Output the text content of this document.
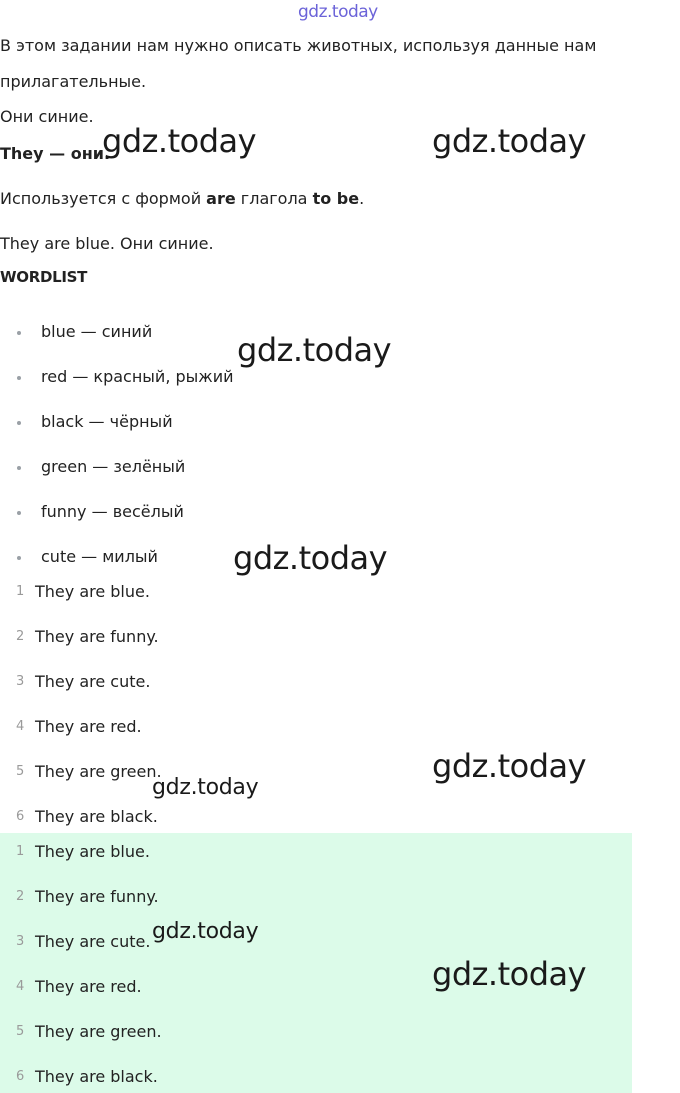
gdz.today
В этом задании нам нужно описать животных, используя данные нам
прилагательные.
Они синие.
They — они.
Используется с формой are глагола to be.
They are blue. Они синие.
WORDLIST
blue — синий
red — красный, рыжий
black — чёрный
green — зелёный
funny — весёлый
cute — милый
1 They are blue.
2 They are funny.
3 They are cute.
4 They are red.
5 They are green.
6 They are black.
1 They are blue.
2 They are funny.
3 They are cute.
4 They are red.
5 They are green.
6 They are black.
gdz.today	gdz.today
gdz.today
gdz.today
gdz.today
gdz.today
gdz.today
gdz.today
